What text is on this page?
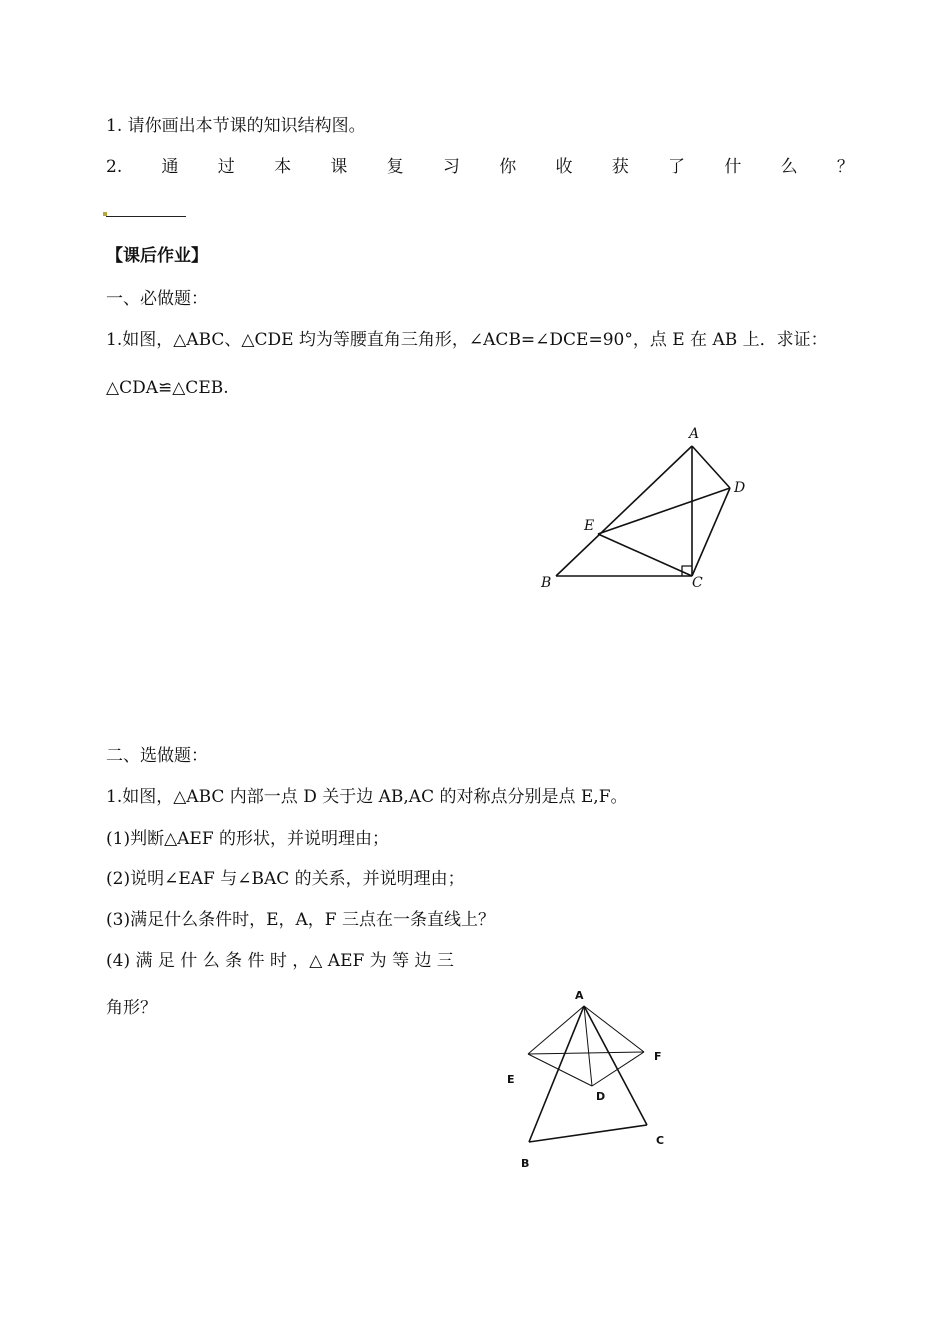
1. 请你画出本节课的知识结构图。
2. 通 过 本 课 复 习 你 收 获 了 什 么 ？
【课后作业】
一、必做题：
1.如图，△ABC、△CDE 均为等腰直角三角形，∠ACB=∠DCE=90°，点 E 在 AB 上．求证：
△CDA≌△CEB.
A
D
E
B	C
二、选做题：
1.如图，△ABC 内部一点 D 关于边 AB,AC 的对称点分别是点 E,F。
(1)判断△AEF 的形状，并说明理由；
(2)说明∠EAF 与∠BAC 的关系，并说明理由；
(3)满足什么条件时，E，A，F 三点在一条直线上？
(4) 满 足 什 么 条 件 时 ，△ AEF 为 等 边 三
角形？
A
F
E
D
C
B
